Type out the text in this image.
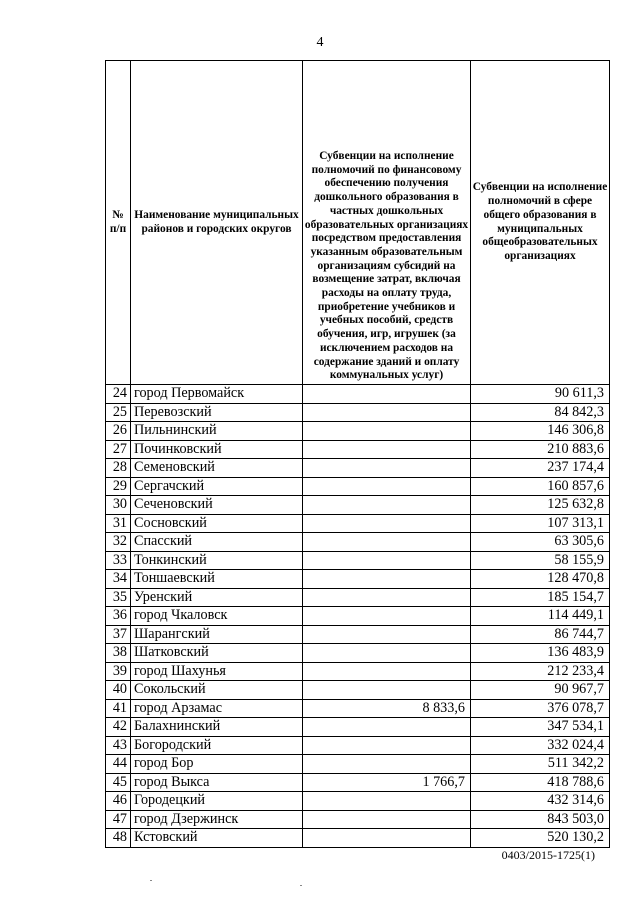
4
№ п/п	Наименование муниципальных районов и городских округов	Субвенции на исполнение полномочий по финансовому обеспечению получения дошкольного образования в частных дошкольных образовательных организациях посредством предоставления указанным образовательным организациям субсидий на возмещение затрат, включая расходы на оплату труда, приобретение учебников и учебных пособий, средств обучения, игр, игрушек (за исключением расходов на содержание зданий и оплату коммунальных услуг)	Субвенции на исполнение полномочий в сфере общего образования в муниципальных общеобразовательных организациях
24	город Первомайск		90 611,3
25	Перевозский		84 842,3
26	Пильнинский		146 306,8
27	Починковский		210 883,6
28	Семеновский		237 174,4
29	Сергачский		160 857,6
30	Сеченовский		125 632,8
31	Сосновский		107 313,1
32	Спасский		63 305,6
33	Тонкинский		58 155,9
34	Тоншаевский		128 470,8
35	Уренский		185 154,7
36	город Чкаловск		114 449,1
37	Шарангский		86 744,7
38	Шатковский		136 483,9
39	город Шахунья		212 233,4
40	Сокольский		90 967,7
41	город Арзамас	8 833,6	376 078,7
42	Балахнинский		347 534,1
43	Богородский		332 024,4
44	город Бор		511 342,2
45	город Выкса	1 766,7	418 788,6
46	Городецкий		432 314,6
47	город Дзержинск		843 503,0
48	Кстовский		520 130,2
0403/2015-1725(1)
